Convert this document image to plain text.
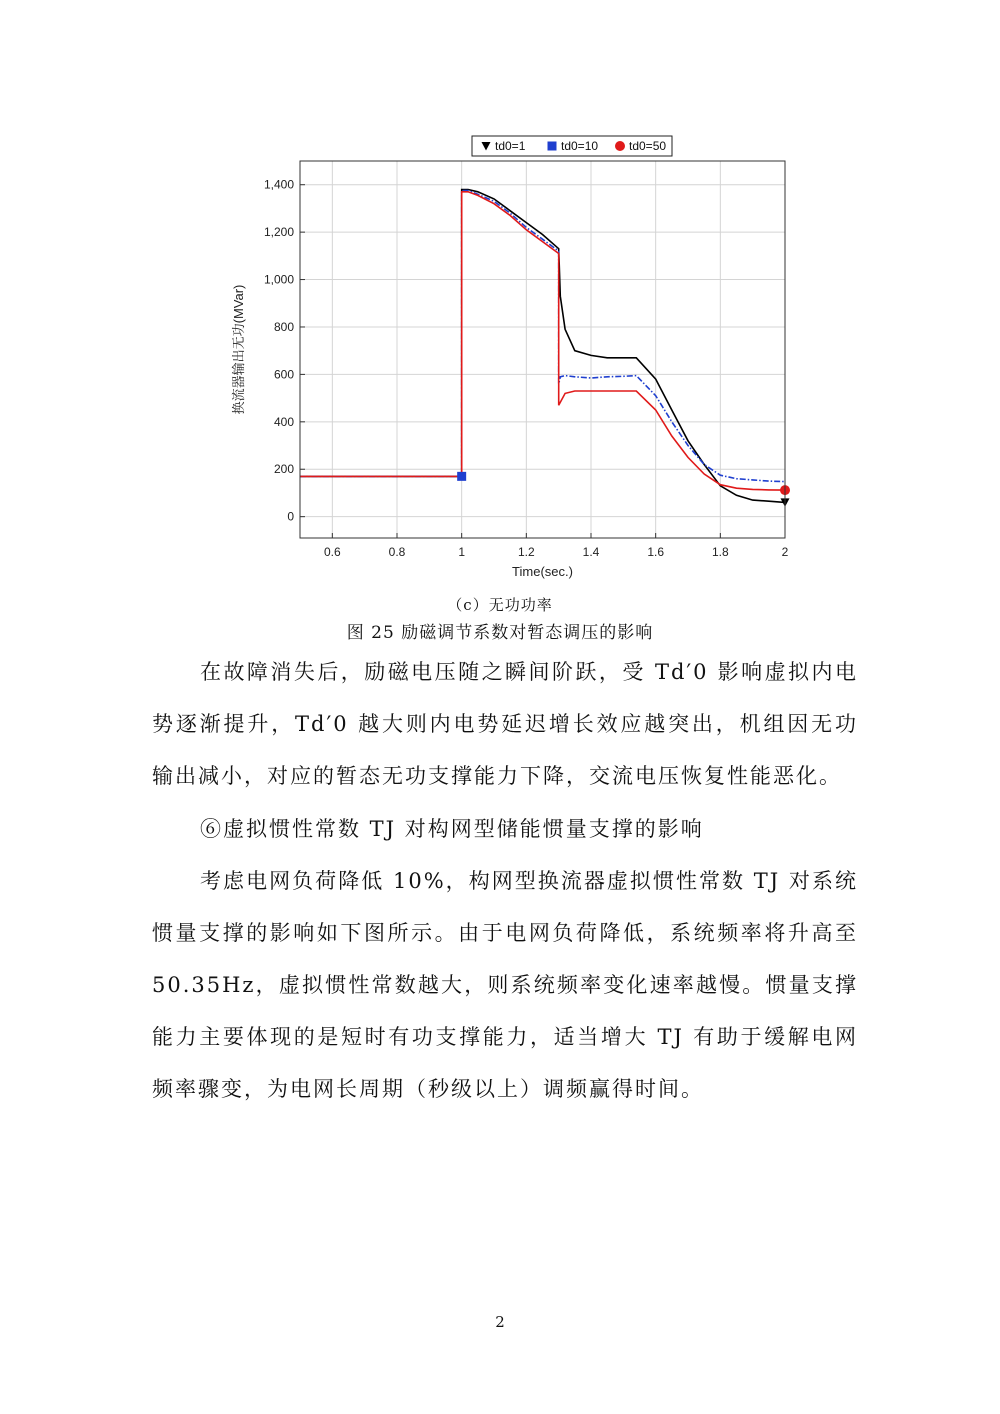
td0=1	td0=10	td0=50
0.6	0.8	1	1.2	1.4	1.6	1.8	2
0
200
400
600
800
1,000
1,200
1,400
Time(sec.)
换流器输出无功(MVar)
（c）无功功率
图 25 励磁调节系数对暂态调压的影响

在故障消失后，励磁电压随之瞬间阶跃，受 Td′0 影响虚拟内电势逐渐提升，Td′0 越大则内电势延迟增长效应越突出，机组因无功输出减小，对应的暂态无功支撑能力下降，交流电压恢复性能恶化。

⑥虚拟惯性常数 TJ 对构网型储能惯量支撑的影响

考虑电网负荷降低 10%，构网型换流器虚拟惯性常数 TJ 对系统惯量支撑的影响如下图所示。由于电网负荷降低，系统频率将升高至 50.35Hz，虚拟惯性常数越大，则系统频率变化速率越慢。惯量支撑能力主要体现的是短时有功支撑能力，适当增大 TJ 有助于缓解电网频率骤变，为电网长周期（秒级以上）调频赢得时间。

2
